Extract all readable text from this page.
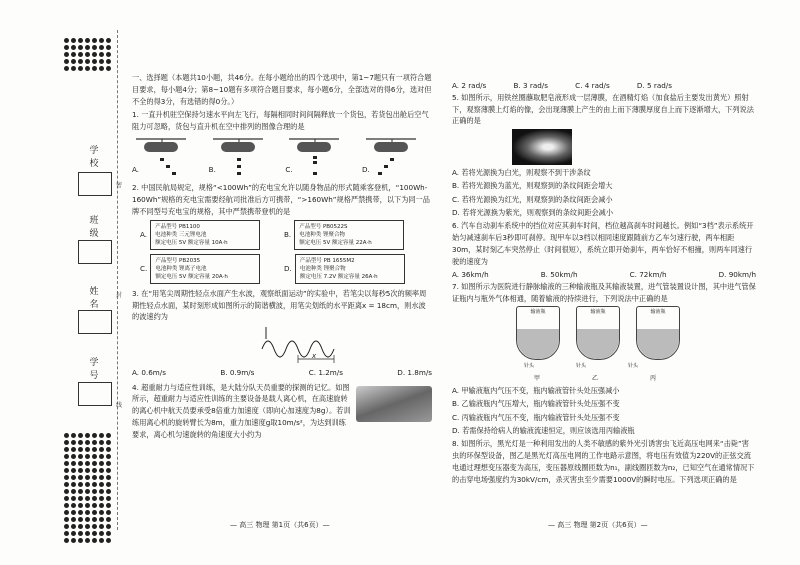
学 校
班 级
姓 名
学 号
密
封
线

一、选择题（本题共10小题，共46分。在每小题给出的四个选项中，第1~7题只有一项符合题目要求，每小题4分；第8~10题有多项符合题目要求，每小题6分，全部选对的得6分，选对但不全的得3分，有选错的得0分。）

1. 一直升机驻空保持匀速水平向左飞行，每隔相同时间间隔释放一个货包，若货包出舱后空气阻力可忽略，货包与直升机在空中排列的图像合理的是

A.	B.	C.	D.

2. 中国民航局规定，规格“<100Wh”的充电宝允许以随身物品的形式随乘客登机，“100Wh-160Wh”规格的充电宝需要经航司批准后方可携带，“>160Wh”规格严禁携带，以下为同一品牌不同型号充电宝的规格，其中严禁携带登机的是

A.
产品型号 PB1100
电池种类 三元锂电池
额定电压 5V 额定容量 10A·h
B.
产品型号 PB0522S
电池种类 锂聚合物
额定电压 5V 额定容量 22A·h
C.
产品型号 PB2035
电池种类 锂离子电池
额定电压 5V 额定容量 20A·h
D.
产品型号 PB 1655M2
电池种类 锂聚合物
额定电压 7.2V 额定容量 26A·h

3. 在“用笔尖周期性轻点水面产生水波，观察纸面运动”的实验中，若笔尖以每秒5次的频率周期性轻点水面，某时刻形成如图所示的简谐横波，用笔尖划纸的水平距离x = 18cm，则水波的波速约为

x
A. 0.6m/s	B. 0.9m/s	C. 1.2m/s	D. 1.8m/s

4. 超重耐力与适应性训练，是大陆分队天员重要的探测的记忆。如图所示，超重耐力与适应性训练的主要设备是载人离心机，在高速旋转的离心机中航天员要承受8倍重力加速度（即向心加速度为8g）。若训练用离心机的旋转臂长为8m，重力加速度g取10m/s²，为达到训练要求，离心机匀速旋转的角速度大小约为

— 高三 物理 第1页（共6页）—
A. 2 rad/s	B. 3 rad/s	C. 4 rad/s	D. 5 rad/s

5. 如图所示，用铁丝圈蘸取肥皂液形成一层薄膜，在酒精灯焰（加食盐后主要发出黄光）照射下，观察薄膜上灯焰的像，会出现薄膜上产生的由上而下薄膜厚度自上而下逐渐增大，下列说法正确的是

A. 若将光源换为白光，则观察不到干涉条纹

B. 若将光源换为蓝光，则观察到的条纹间距会增大

C. 若将光源换为红光，则观察到的条纹间距会减小

D. 若将光源换为紫光，则观察到的条纹间距会减小

6. 汽车自动刹车系统中的挡位对应其刹车时间，档位越高刹车时间越长。例如“3档”表示系统开始匀减速刹车后3秒即可刹停。现甲车以3档以相同速度跟随前方乙车匀速行驶，两车相距30m，某时刻乙车突然停止（时间很短），系统立即开始刹车，两车恰好不相撞，则两车同速行驶的速度为

A. 36km/h	B. 50km/h	C. 72km/h	D. 90km/h

7. 如图所示为医院进行静脉输液的三种输液瓶及其输液装置，进气管装置设计图，其中进气管保证瓶内与瓶外气体相通，随着输液的持续进行，下列说法中正确的是

输液瓶	输液瓶	输液瓶
针头	针头	针头
甲	乙	丙

A. 甲输液瓶内气压不变，瓶内输液管针头处压强减小

B. 乙输液瓶内气压增大，瓶内输液管针头处压强不变

C. 丙输液瓶内气压不变，瓶内输液管针头处压强不变

D. 若需保持给病人的输液流速恒定，则应该选用丙输液瓶

8. 如图所示，黑光灯是一种利用发出的人类不敏感的紫外光引诱害虫飞近高压电网来“击毙”害虫的环保型设备，图乙是黑光灯高压电网的工作电路示意图，将电压有效值为220V的正弦交流电通过理想变压器变为高压，变压器原线圈匝数为n₁，副线圈匝数为n₂，已知空气在通常情况下的击穿电场强度约为30kV/cm，杀灭害虫至少需要1000V的瞬时电压。下列选项正确的是

— 高三 物理 第2页（共6页）—
